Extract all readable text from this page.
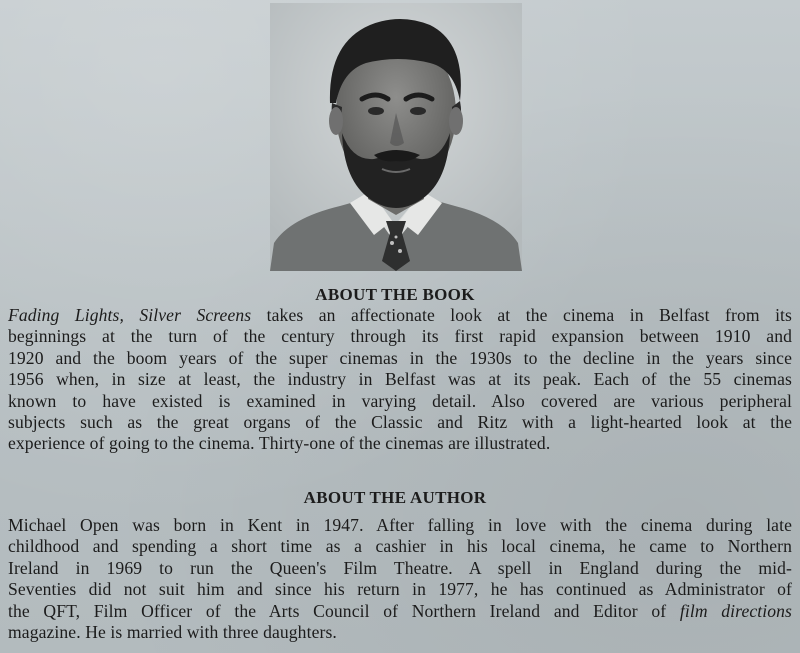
ABOUT THE BOOK
Fading Lights, Silver Screens takes an affectionate look at the cinema in Belfast from its
beginnings at the turn of the century through its first rapid expansion between 1910 and
1920 and the boom years of the super cinemas in the 1930s to the decline in the years since
1956 when, in size at least, the industry in Belfast was at its peak. Each of the 55 cinemas
known to have existed is examined in varying detail. Also covered are various peripheral
subjects such as the great organs of the Classic and Ritz with a light-hearted look at the
experience of going to the cinema. Thirty-one of the cinemas are illustrated.
ABOUT THE AUTHOR
Michael Open was born in Kent in 1947. After falling in love with the cinema during late
childhood and spending a short time as a cashier in his local cinema, he came to Northern
Ireland in 1969 to run the Queen's Film Theatre. A spell in England during the mid-
Seventies did not suit him and since his return in 1977, he has continued as Administrator of
the QFT, Film Officer of the Arts Council of Northern Ireland and Editor of film directions
magazine. He is married with three daughters.
